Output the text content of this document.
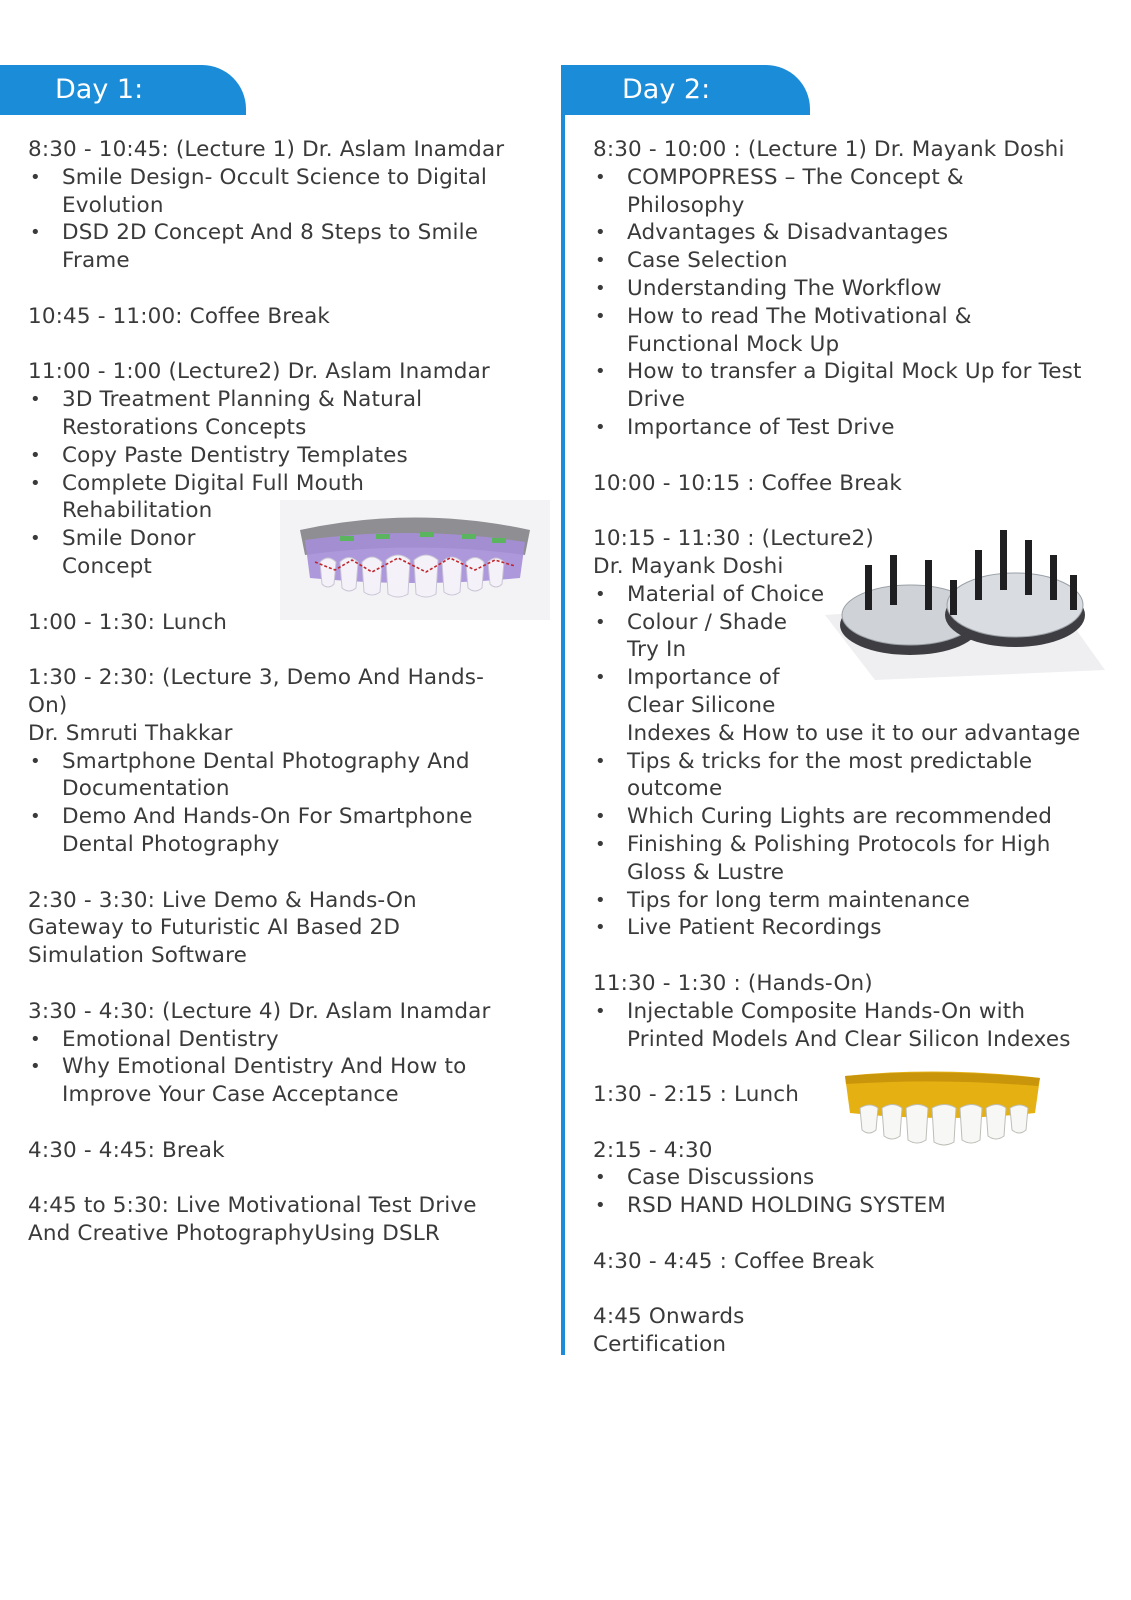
Day 1:	Day 2:

8:30 - 10:45: (Lecture 1) Dr. Aslam Inamdar

• Smile Design- Occult Science to Digital Evolution
• DSD 2D Concept And 8 Steps to Smile Frame

10:45 - 11:00: Coffee Break

11:00 - 1:00 (Lecture2) Dr. Aslam Inamdar

• 3D Treatment Planning & Natural Restorations Concepts
• Copy Paste Dentistry Templates
• Complete Digital Full Mouth Rehabilitation
• Smile Donor Concept

1:00 - 1:30: Lunch

1:30 - 2:30: (Lecture 3, Demo And Hands-On)

Dr. Smruti Thakkar

• Smartphone Dental Photography And Documentation
• Demo And Hands-On For Smartphone Dental Photography

2:30 - 3:30: Live Demo & Hands-On Gateway to Futuristic AI Based 2D Simulation Software

3:30 - 4:30: (Lecture 4) Dr. Aslam Inamdar

• Emotional Dentistry
• Why Emotional Dentistry And How to Improve Your Case Acceptance

4:30 - 4:45: Break

4:45 to 5:30: Live Motivational Test Drive And Creative PhotographyUsing DSLR

8:30 - 10:00 : (Lecture 1) Dr. Mayank Doshi

• COMPOPRESS – The Concept & Philosophy
• Advantages & Disadvantages
• Case Selection
• Understanding The Workflow
• How to read The Motivational & Functional Mock Up
• How to transfer a Digital Mock Up for Test Drive
• Importance of Test Drive

10:00 - 10:15 : Coffee Break

10:15 - 11:30 : (Lecture2)

Dr. Mayank Doshi

• Material of Choice
• Colour / Shade Try In
• Importance of Clear Silicone

Indexes & How to use it to our advantage

• Tips & tricks for the most predictable outcome
• Which Curing Lights are recommended
• Finishing & Polishing Protocols for High Gloss & Lustre
• Tips for long term maintenance
• Live Patient Recordings

11:30 - 1:30 : (Hands-On)

• Injectable Composite Hands-On with Printed Models And Clear Silicon Indexes

1:30 - 2:15 : Lunch

2:15 - 4:30

• Case Discussions
• RSD HAND HOLDING SYSTEM

4:30 - 4:45 : Coffee Break

4:45 Onwards

Certification
